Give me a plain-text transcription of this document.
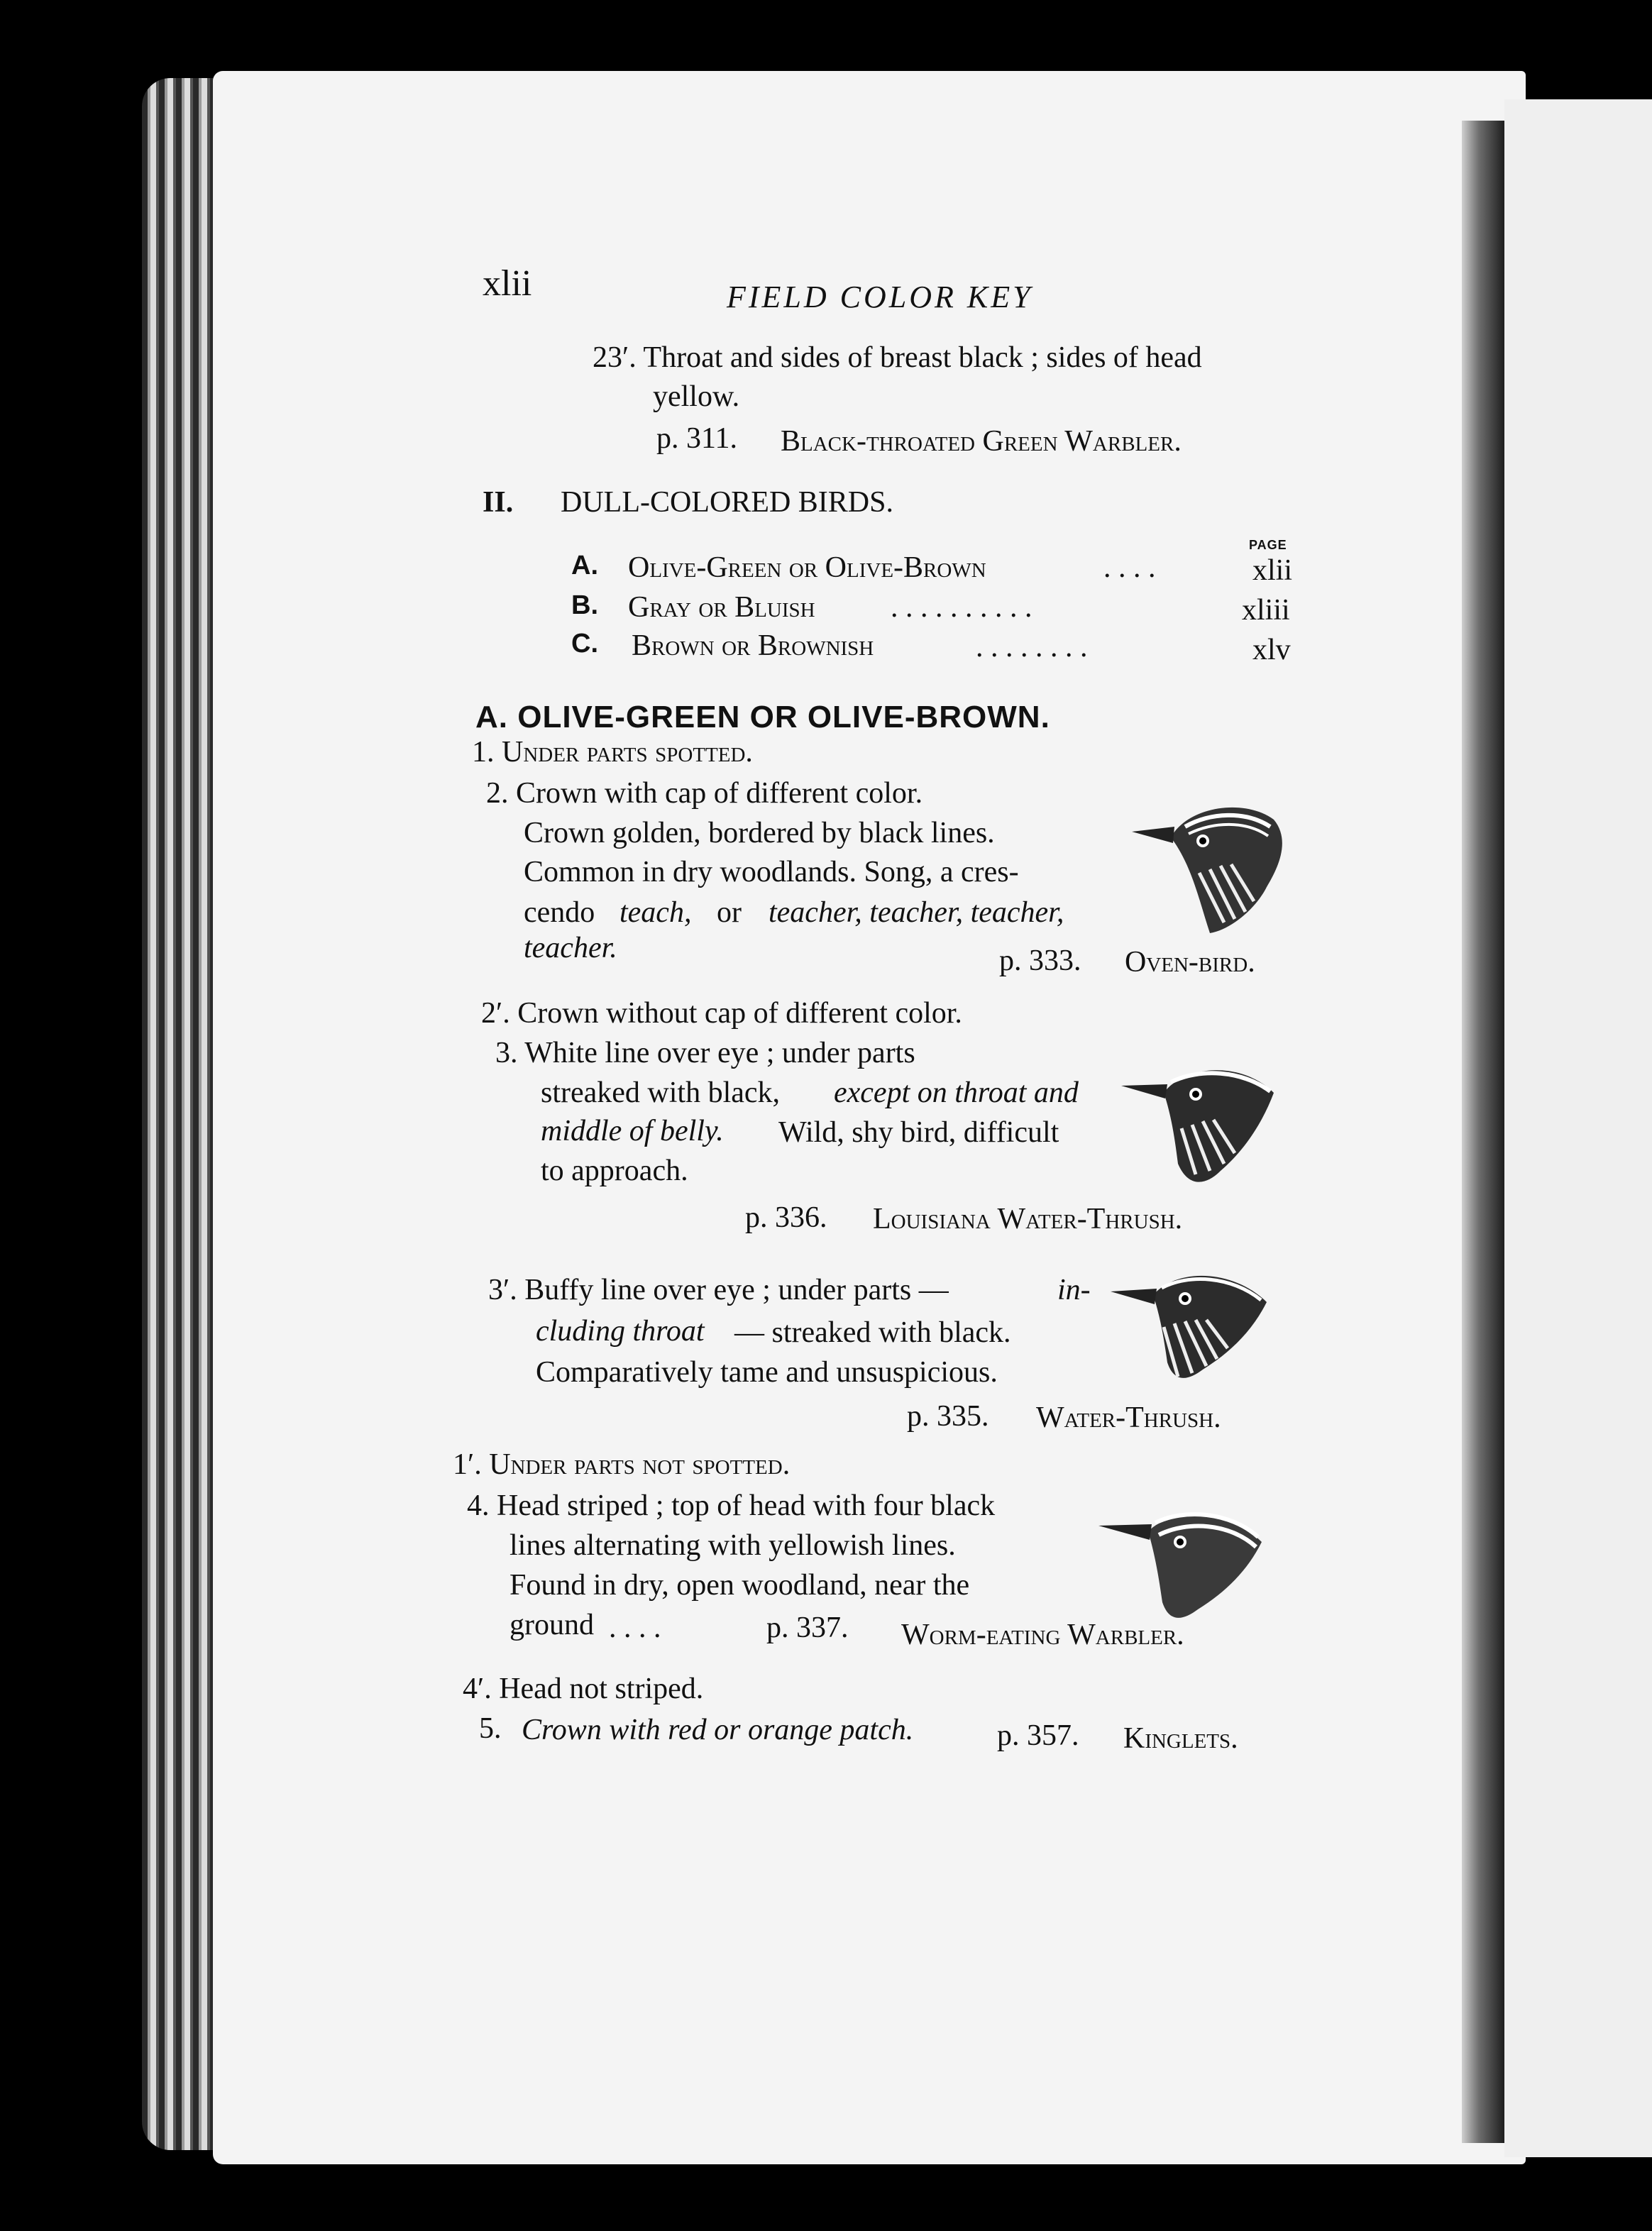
xlii	FIELD COLOR KEY
23′. Throat and sides of breast black ; sides of head
yellow.
p. 311. Black-throated Green Warbler.
II. DULL-COLORED BIRDS.
PAGE
A. Olive-Green or Olive-Brown	. . . .	xlii
B. Gray or Bluish	. . . . . . . . . .	xliii
C. Brown or Brownish	. . . . . . . .	xlv
A. OLIVE-GREEN OR OLIVE-BROWN.
1. Under parts spotted.
2. Crown with cap of different color.
Crown golden, bordered by black lines.
Common in dry woodlands. Song, a cres-
cendo teach, or teacher, teacher, teacher,
teacher.	p. 333. Oven-bird.
2′. Crown without cap of different color.
3. White line over eye ; under parts
streaked with black, except on throat and
middle of belly. Wild, shy bird, difficult
to approach.
p. 336. Louisiana Water-Thrush.
3′. Buffy line over eye ; under parts —	in-
cluding throat — streaked with black.
Comparatively tame and unsuspicious.
p. 335. Water-Thrush.
1′. Under parts not spotted.
4. Head striped ; top of head with four black
lines alternating with yellowish lines.
Found in dry, open woodland, near the
ground . . . .	p. 337. Worm-eating Warbler.
4′. Head not striped.
5. Crown with red or orange patch.	p. 357. Kinglets.
